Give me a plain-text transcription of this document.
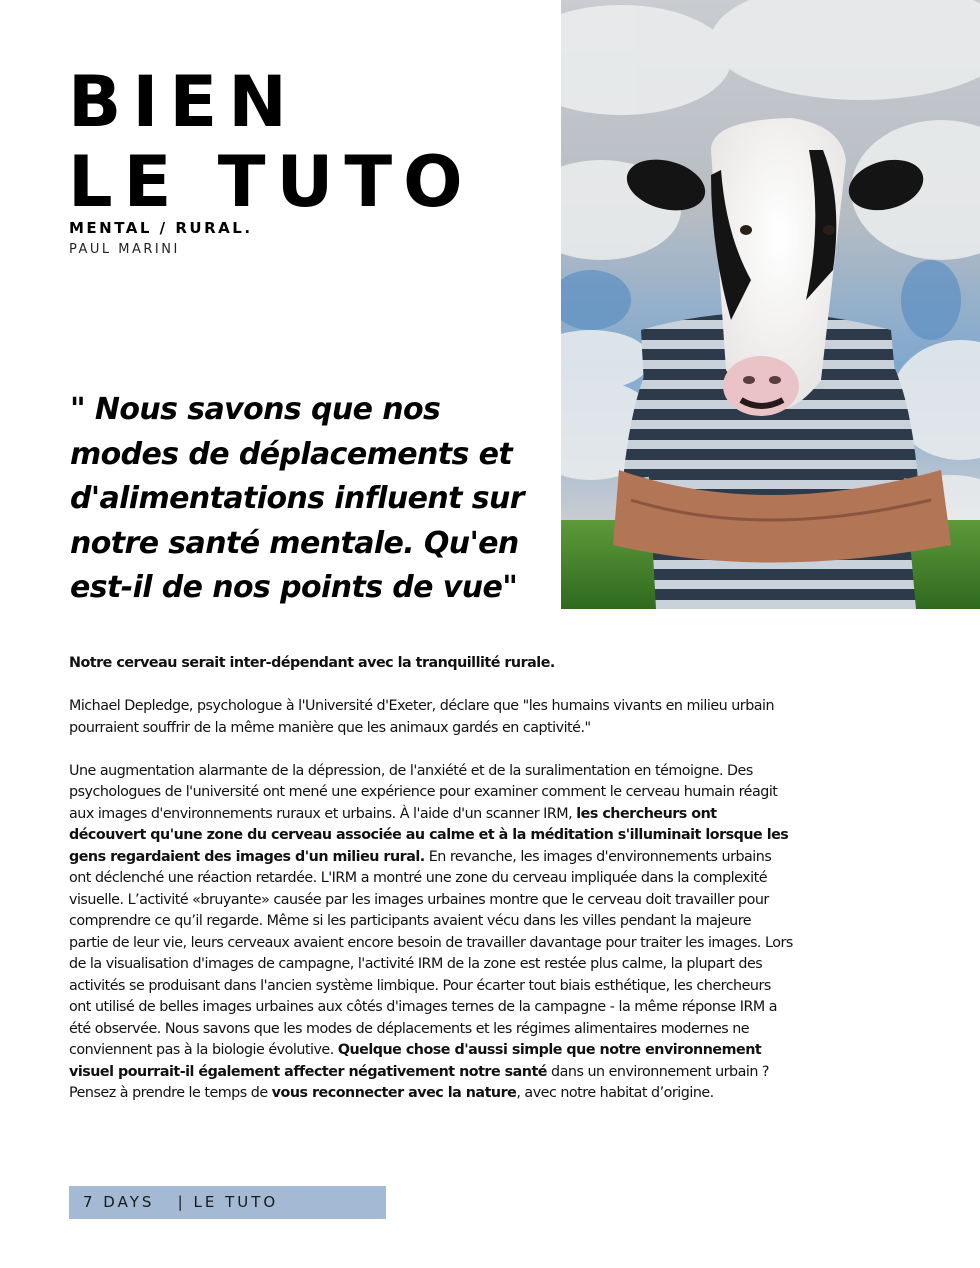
BIEN
LE TUTO
MENTAL / RURAL.
PAUL MARINI

" Nous savons que nos modes de déplacements et d'alimentations influent sur notre santé mentale. Qu'en est-il de nos points de vue"

Notre cerveau serait inter-dépendant avec la tranquillité rurale.

Michael Depledge, psychologue à l'Université d'Exeter, déclare que "les humains vivants en milieu urbain pourraient souffrir de la même manière que les animaux gardés en captivité."

Une augmentation alarmante de la dépression, de l'anxiété et de la suralimentation en témoigne. Des psychologues de l'université ont mené une expérience pour examiner comment le cerveau humain réagit aux images d'environnements ruraux et urbains. À l'aide d'un scanner IRM, les chercheurs ont découvert qu'une zone du cerveau associée au calme et à la méditation s'illuminait lorsque les gens regardaient des images d'un milieu rural. En revanche, les images d'environnements urbains ont déclenché une réaction retardée. L'IRM a montré une zone du cerveau impliquée dans la complexité visuelle. L’activité «bruyante» causée par les images urbaines montre que le cerveau doit travailler pour comprendre ce qu’il regarde. Même si les participants avaient vécu dans les villes pendant la majeure partie de leur vie, leurs cerveaux avaient encore besoin de travailler davantage pour traiter les images. Lors de la visualisation d'images de campagne, l'activité IRM de la zone est restée plus calme, la plupart des activités se produisant dans l'ancien système limbique. Pour écarter tout biais esthétique, les chercheurs ont utilisé de belles images urbaines aux côtés d'images ternes de la campagne - la même réponse IRM a été observée. Nous savons que les modes de déplacements et les régimes alimentaires modernes ne conviennent pas à la biologie évolutive. Quelque chose d'aussi simple que notre environnement visuel pourrait-il également affecter négativement notre santé dans un environnement urbain ? Pensez à prendre le temps de vous reconnecter avec la nature, avec notre habitat d’origine.

7 DAYS   | LE TUTO
